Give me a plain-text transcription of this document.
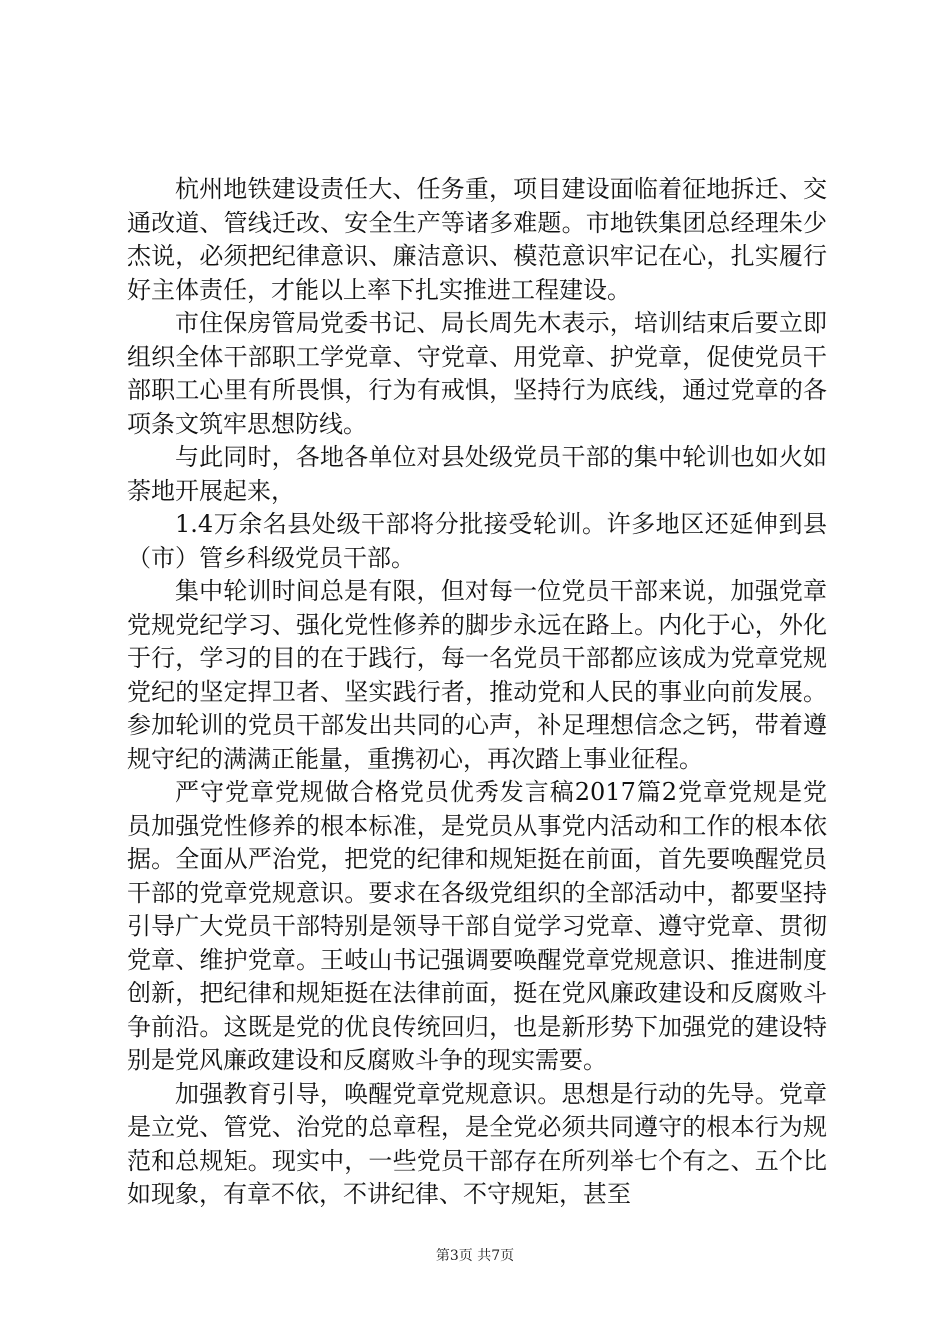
杭州地铁建设责任大、任务重，项目建设面临着征地拆迁、交通改道、管线迁改、安全生产等诸多难题。市地铁集团总经理朱少杰说，必须把纪律意识、廉洁意识、模范意识牢记在心，扎实履行好主体责任，才能以上率下扎实推进工程建设。

市住保房管局党委书记、局长周先木表示，培训结束后要立即组织全体干部职工学党章、守党章、用党章、护党章，促使党员干部职工心里有所畏惧，行为有戒惧，坚持行为底线，通过党章的各项条文筑牢思想防线。

与此同时，各地各单位对县处级党员干部的集中轮训也如火如荼地开展起来，

1.4万余名县处级干部将分批接受轮训。许多地区还延伸到县（市）管乡科级党员干部。

集中轮训时间总是有限，但对每一位党员干部来说，加强党章党规党纪学习、强化党性修养的脚步永远在路上。内化于心，外化于行，学习的目的在于践行，每一名党员干部都应该成为党章党规党纪的坚定捍卫者、坚实践行者，推动党和人民的事业向前发展。参加轮训的党员干部发出共同的心声，补足理想信念之钙，带着遵规守纪的满满正能量，重携初心，再次踏上事业征程。

严守党章党规做合格党员优秀发言稿2017篇2党章党规是党员加强党性修养的根本标准，是党员从事党内活动和工作的根本依据。全面从严治党，把党的纪律和规矩挺在前面，首先要唤醒党员干部的党章党规意识。要求在各级党组织的全部活动中，都要坚持引导广大党员干部特别是领导干部自觉学习党章、遵守党章、贯彻党章、维护党章。王岐山书记强调要唤醒党章党规意识、推进制度创新，把纪律和规矩挺在法律前面，挺在党风廉政建设和反腐败斗争前沿。这既是党的优良传统回归，也是新形势下加强党的建设特别是党风廉政建设和反腐败斗争的现实需要。

加强教育引导，唤醒党章党规意识。思想是行动的先导。党章是立党、管党、治党的总章程，是全党必须共同遵守的根本行为规范和总规矩。现实中，一些党员干部存在所列举七个有之、五个比如现象，有章不依，不讲纪律、不守规矩，甚至

第3页 共7页
